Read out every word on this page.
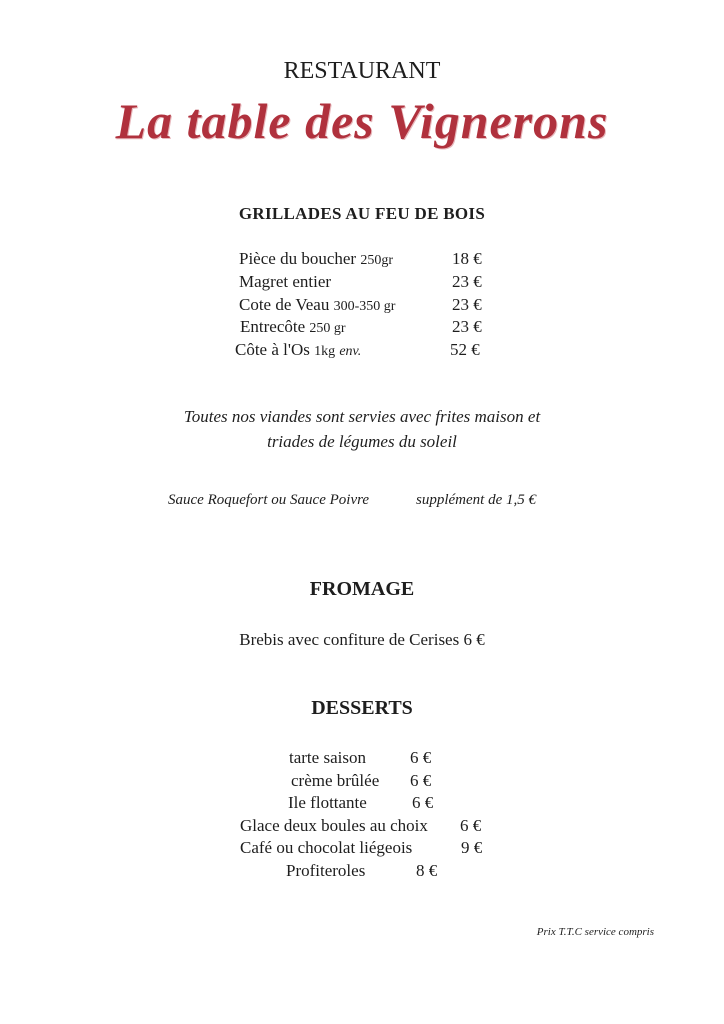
RESTAURANT
La table des Vignerons
GRILLADES AU FEU DE BOIS
Pièce du boucher 250gr	18 €
Magret entier	23 €
Cote de Veau 300-350 gr	23 €
Entrecôte 250 gr	23 €
Côte à l'Os 1kg env.	52 €
Toutes nos viandes sont servies avec frites maison et
triades de légumes du soleil
Sauce Roquefort ou Sauce Poivre	supplément de 1,5 €
FROMAGE
Brebis avec confiture de Cerises 6 €
DESSERTS
tarte saison	6 €
crème brûlée 6 €
Ile flottante	6 €
Glace deux boules au choix 6 €
Café ou chocolat liégeois	9 €
Profiteroles	8 €
Prix T.T.C service compris
